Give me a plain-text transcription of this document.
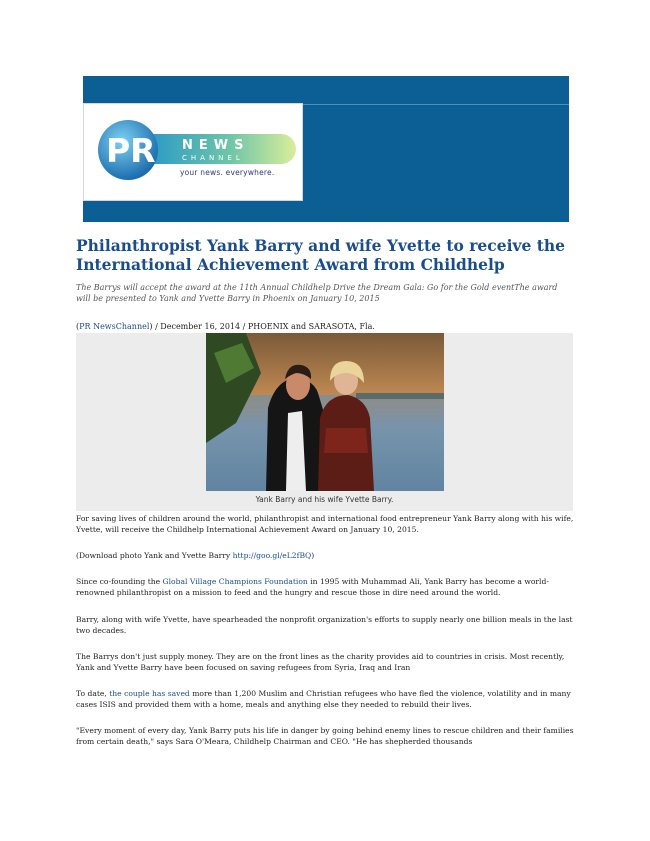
PR NEWS
CHANNEL
your news. everywhere.
Philanthropist Yank Barry and wife Yvette to receive the International Achievement Award from Childhelp
The Barrys will accept the award at the 11th Annual Childhelp Drive the Dream Gala: Go for the Gold eventThe award will be presented to Yank and Yvette Barry in Phoenix on January 10, 2015
(PR NewsChannel) / December 16, 2014 / PHOENIX and SARASOTA, Fla.
Yank Barry and his wife Yvette Barry.

For saving lives of children around the world, philanthropist and international food entrepreneur Yank Barry along with his wife, Yvette, will receive the Childhelp International Achievement Award on January 10, 2015.

(Download photo Yank and Yvette Barry http://goo.gl/eL2fBQ)

Since co-founding the Global Village Champions Foundation in 1995 with Muhammad Ali, Yank Barry has become a world-renowned philanthropist on a mission to feed and the hungry and rescue those in dire need around the world.

Barry, along with wife Yvette, have spearheaded the nonprofit organization's efforts to supply nearly one billion meals in the last two decades.

The Barrys don't just supply money. They are on the front lines as the charity provides aid to countries in crisis. Most recently, Yank and Yvette Barry have been focused on saving refugees from Syria, Iraq and Iran

To date, the couple has saved more than 1,200 Muslim and Christian refugees who have fled the violence, volatility and in many cases ISIS and provided them with a home, meals and anything else they needed to rebuild their lives.

"Every moment of every day, Yank Barry puts his life in danger by going behind enemy lines to rescue children and their families from certain death," says Sara O'Meara, Childhelp Chairman and CEO. "He has shepherded thousands
